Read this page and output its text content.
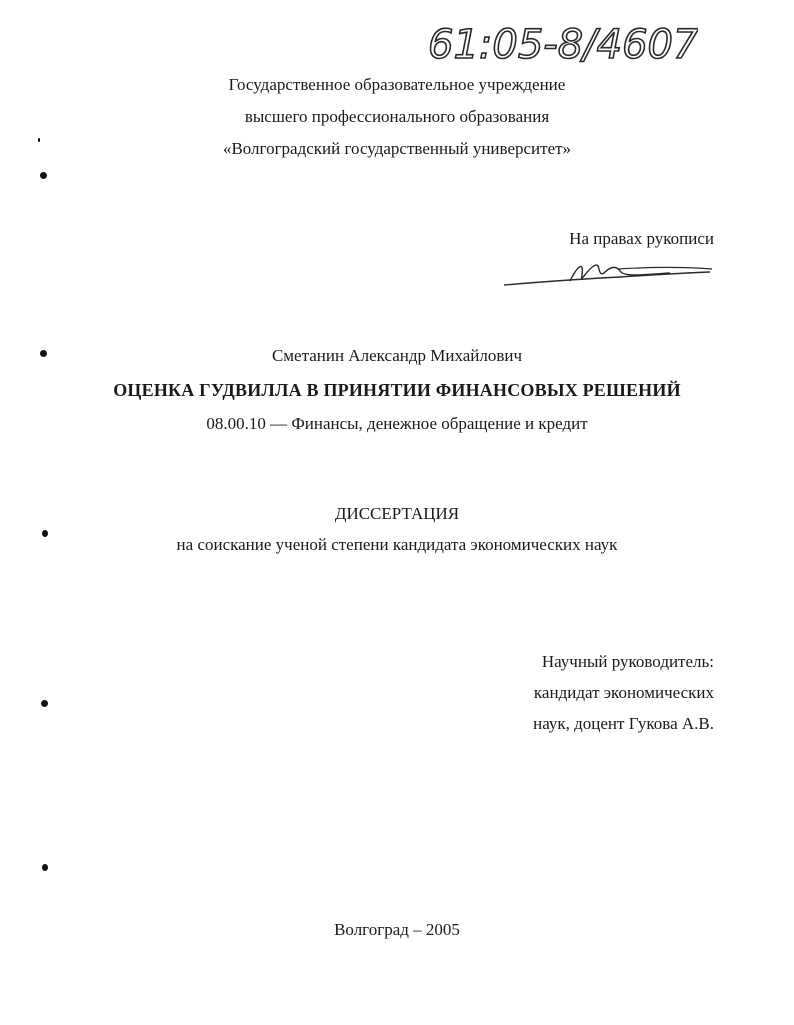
61:05-8/4607
Государственное образовательное учреждение
высшего профессионального образования
«Волгоградский государственный университет»
На правах рукописи
Сметанин Александр Михайлович
ОЦЕНКА ГУДВИЛЛА В ПРИНЯТИИ ФИНАНСОВЫХ РЕШЕНИЙ
08.00.10 — Финансы, денежное обращение и кредит
ДИССЕРТАЦИЯ
на соискание ученой степени кандидата экономических наук
Научный руководитель:
кандидат экономических
наук, доцент Гукова А.В.
Волгоград – 2005
